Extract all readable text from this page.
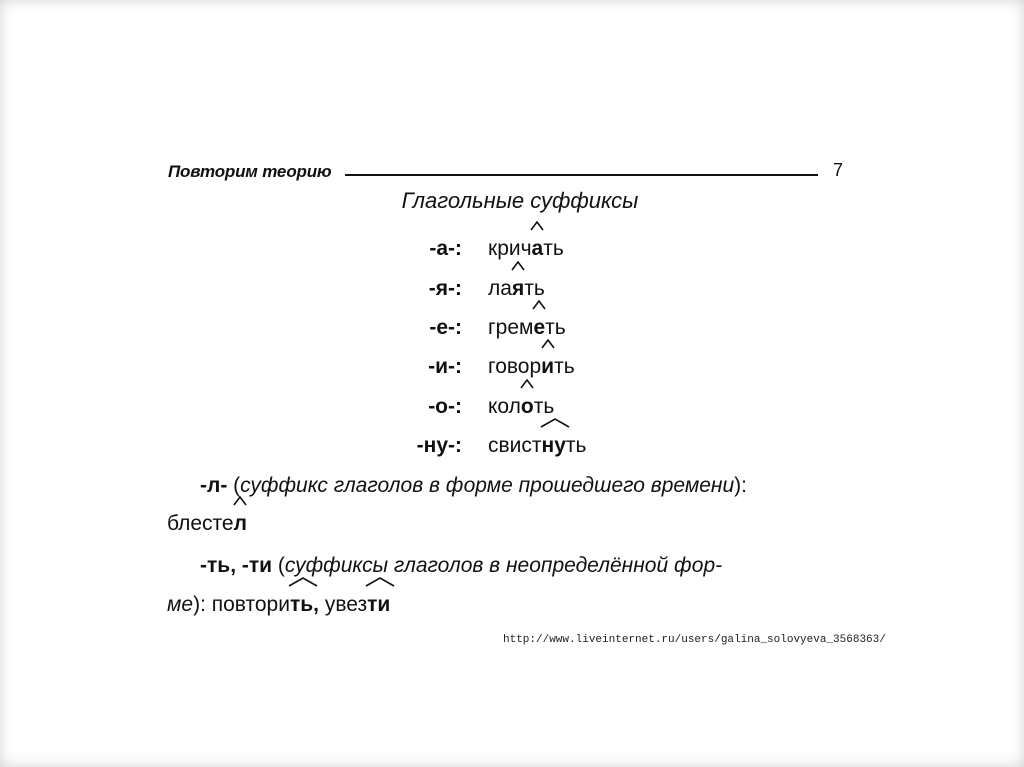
Повторим теорию	7
Глагольные суффиксы
-а-: крич
ать
-я-: ла
ять
-е-: грем
еть
-и-: говор
ить
-о-: кол
оть
-ну-: свист
нуть
-л- (суффикс глаголов в форме прошедшего времени):
блесте
л
-ть, -ти (суффиксы глаголов в неопределённой фор-
ме): повтори
ть, увез
ти
http://www.liveinternet.ru/users/galina_solovyeva_3568363/
